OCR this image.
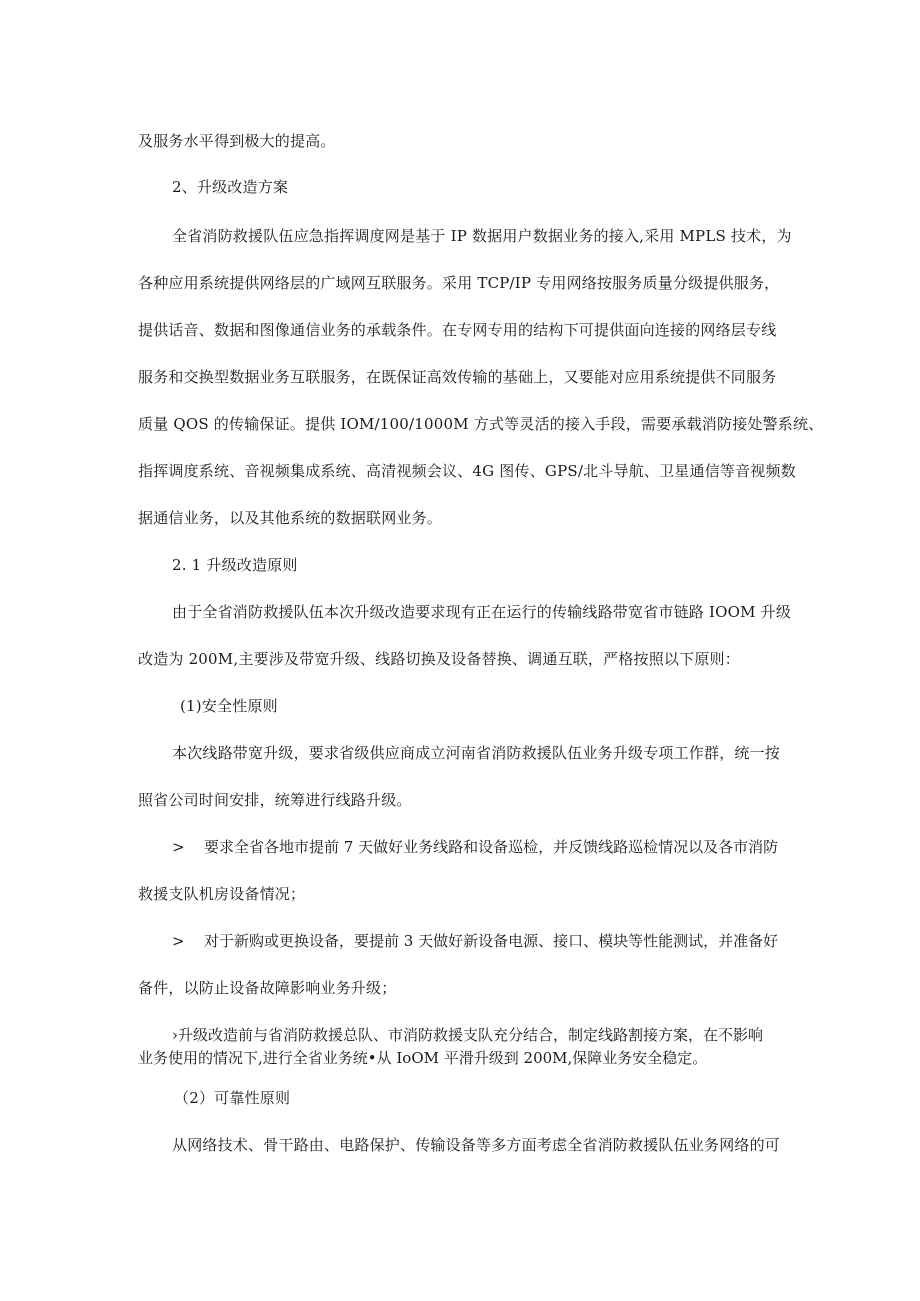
及服务水平得到极大的提高。
2、升级改造方案
全省消防救援队伍应急指挥调度网是基于 IP 数据用户数据业务的接入,采用 MPLS 技术，为
各种应用系统提供网络层的广域网互联服务。采用 TCP/IP 专用网络按服务质量分级提供服务，
提供话音、数据和图像通信业务的承载条件。在专网专用的结构下可提供面向连接的网络层专线
服务和交换型数据业务互联服务，在既保证高效传输的基础上，又要能对应用系统提供不同服务
质量 QOS 的传输保证。提供 IOM/100/1000M 方式等灵活的接入手段，需要承载消防接处警系统、
指挥调度系统、音视频集成系统、高清视频会议、4G 图传、GPS/北斗导航、卫星通信等音视频数
据通信业务，以及其他系统的数据联网业务。
2. 1 升级改造原则
由于全省消防救援队伍本次升级改造要求现有正在运行的传输线路带宽省市链路 IOOM 升级
改造为 200M,主要涉及带宽升级、线路切换及设备替换、调通互联，严格按照以下原则：
(1)安全性原则
本次线路带宽升级，要求省级供应商成立河南省消防救援队伍业务升级专项工作群，统一按
照省公司时间安排，统筹进行线路升级。
> 要求全省各地市提前 7 天做好业务线路和设备巡检，并反馈线路巡检情况以及各市消防
救援支队机房设备情况；
> 对于新购或更换设备，要提前 3 天做好新设备电源、接口、模块等性能测试，并准备好
备件，以防止设备故障影响业务升级；
›升级改造前与省消防救援总队、市消防救援支队充分结合，制定线路割接方案，在不影响
业务使用的情况下,进行全省业务统•从 IoOM 平滑升级到 200M,保障业务安全稳定。
（2）可靠性原则
从网络技术、骨干路由、电路保护、传输设备等多方面考虑全省消防救援队伍业务网络的可
